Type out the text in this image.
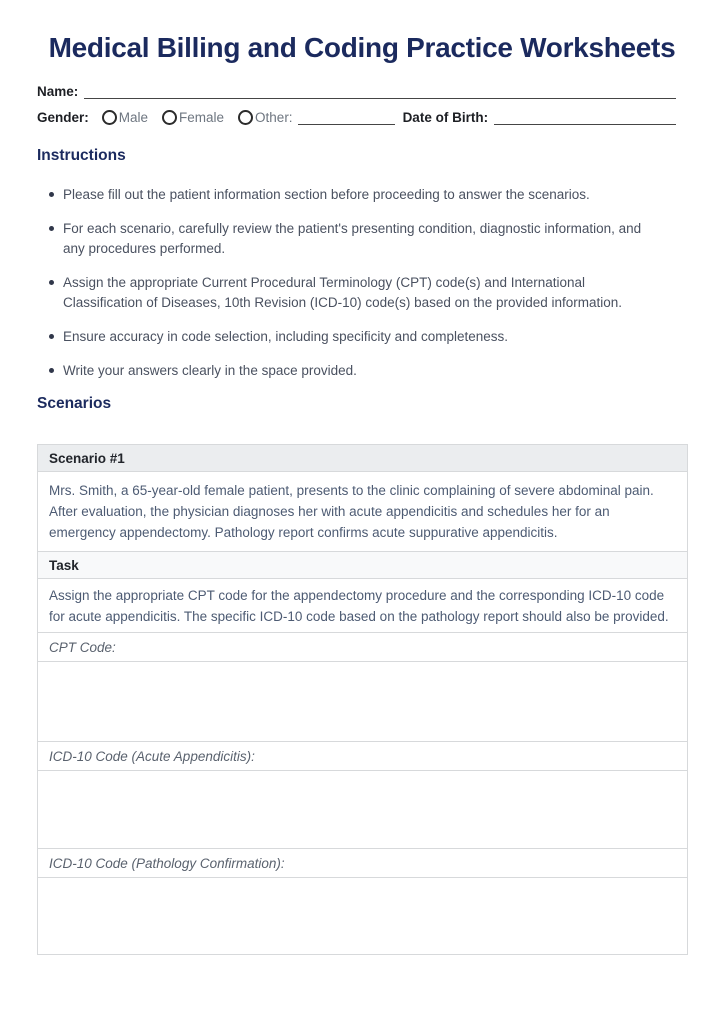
Medical Billing and Coding Practice Worksheets
Name:
Gender: Male Female Other:	Date of Birth:
Instructions
Please fill out the patient information section before proceeding to answer the scenarios.
For each scenario, carefully review the patient's presenting condition, diagnostic information, and any procedures performed.
Assign the appropriate Current Procedural Terminology (CPT) code(s) and International Classification of Diseases, 10th Revision (ICD-10) code(s) based on the provided information.
Ensure accuracy in code selection, including specificity and completeness.
Write your answers clearly in the space provided.
Scenarios
Scenario #1
Mrs. Smith, a 65-year-old female patient, presents to the clinic complaining of severe abdominal pain. After evaluation, the physician diagnoses her with acute appendicitis and schedules her for an emergency appendectomy. Pathology report confirms acute suppurative appendicitis.
Task
Assign the appropriate CPT code for the appendectomy procedure and the corresponding ICD-10 code for acute appendicitis. The specific ICD-10 code based on the pathology report should also be provided.
CPT Code:
ICD-10 Code (Acute Appendicitis):
ICD-10 Code (Pathology Confirmation):
